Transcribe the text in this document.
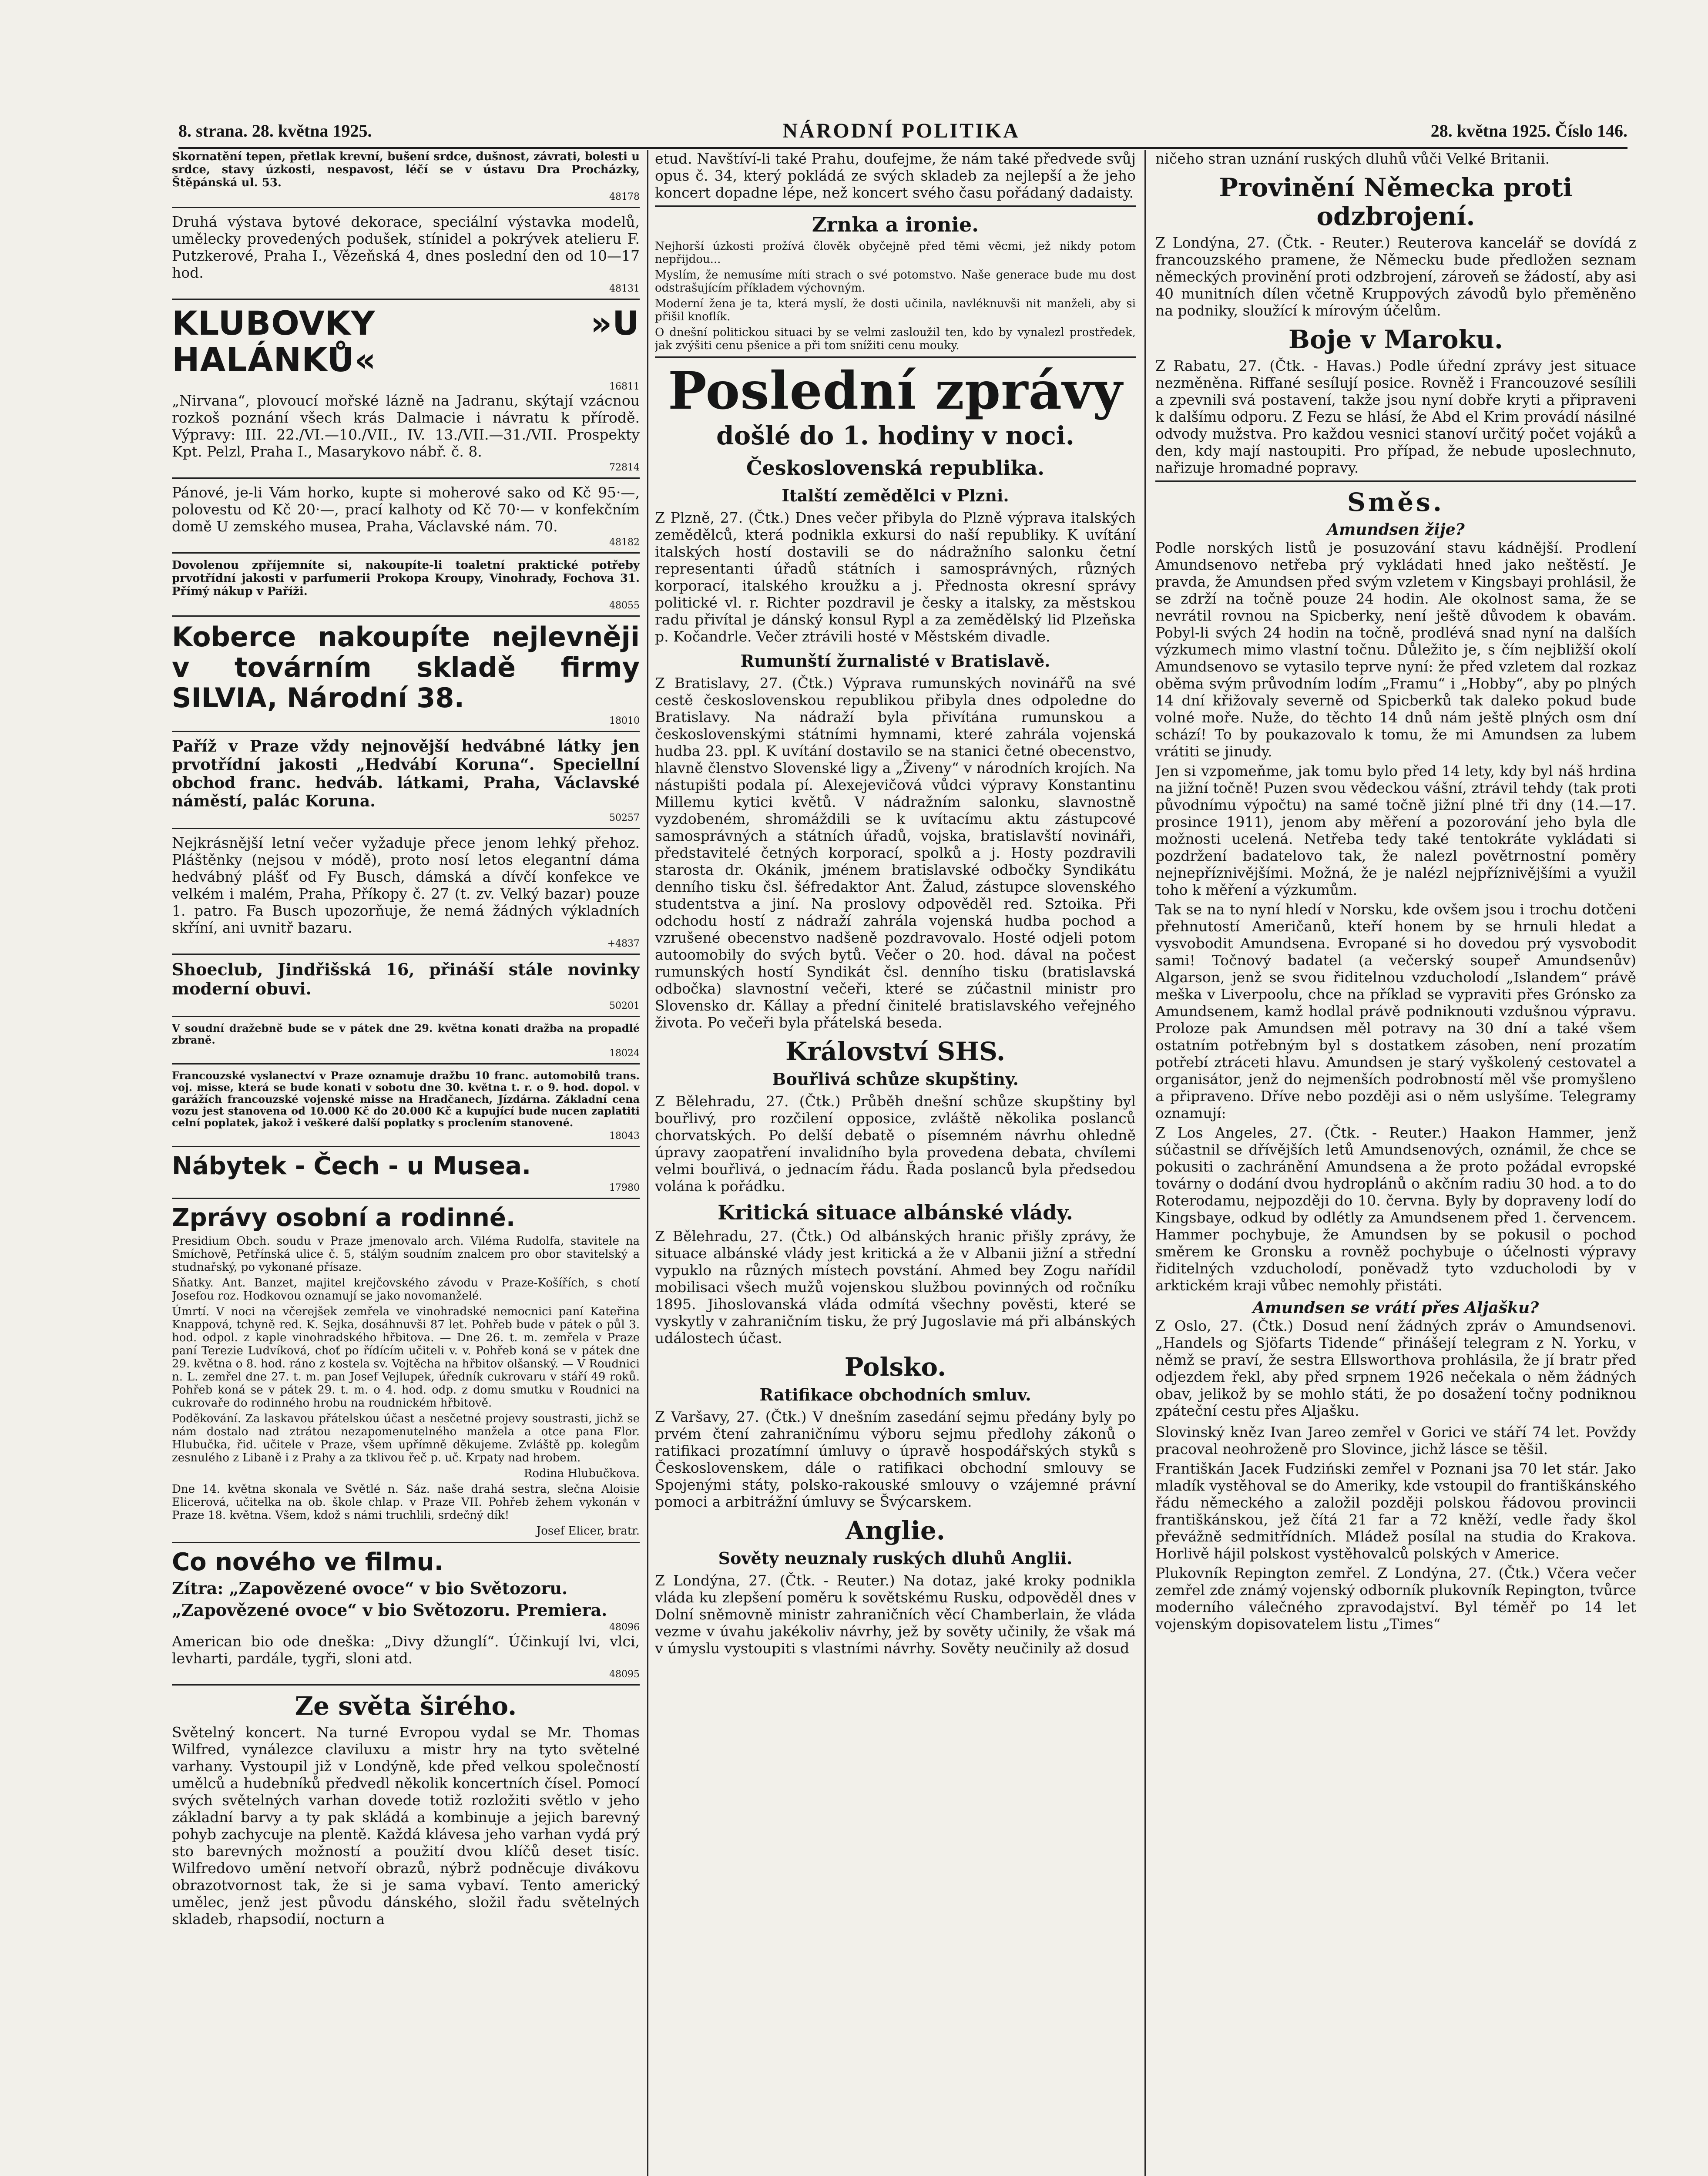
8. strana. 28. května 1925.	NÁRODNÍ POLITIKA	28. května 1925. Číslo 146.

Skornatění tepen, přetlak krevní, bušení srdce, dušnost, závrati, bolesti u srdce, stavy úzkosti, nespavost, léčí se v ústavu Dra Procházky, Štěpánská ul. 53.

48178

Druhá výstava bytové dekorace, speciální výstavka modelů, umělecky provedených podušek, stínidel a pokrývek atelieru F. Putzkerové, Praha I., Vězeňská 4, dnes poslední den od 10—17 hod.

48131
KLUBOVKY »U HALÁNKŮ«
16811

„Nirvana“, plovoucí mořské lázně na Jadranu, skýtají vzácnou rozkoš poznání všech krás Dalmacie i návratu k přírodě. Výpravy: III. 22./VI.—10./VII., IV. 13./VII.—31./VII. Prospekty Kpt. Pelzl, Praha I., Masarykovo nábř. č. 8.

72814

Pánové, je-li Vám horko, kupte si moherové sako od Kč 95·—, polovestu od Kč 20·—, prací kalhoty od Kč 70·— v konfekčním domě U zemského musea, Praha, Václavské nám. 70.

48182

Dovolenou zpříjemníte si, nakoupíte-li toaletní praktické potřeby prvotřídní jakosti v parfumerii Prokopa Kroupy, Vinohrady, Fochova 31. Přímý nákup v Paříži.

48055
Koberce nakoupíte nejlevněji v továrním skladě firmy SILVIA, Národní 38.
18010

Paříž v Praze vždy nejnovější hedvábné látky jen prvotřídní jakosti „Hedvábí Koruna“. Speciellní obchod franc. hedváb. látkami, Praha, Václavské náměstí, palác Koruna.

50257

Nejkrásnější letní večer vyžaduje přece jenom lehký přehoz. Pláštěnky (nejsou v módě), proto nosí letos elegantní dáma hedvábný plášť od Fy Busch, dámská a dívčí konfekce ve velkém i malém, Praha, Příkopy č. 27 (t. zv. Velký bazar) pouze 1. patro. Fa Busch upozorňuje, že nemá žádných výkladních skříní, ani uvnitř bazaru.

+4837

Shoeclub, Jindřišská 16, přináší stále novinky moderní obuvi.

50201

V soudní dražebně bude se v pátek dne 29. května konati dražba na propadlé zbraně.

18024

Francouzské vyslanectví v Praze oznamuje dražbu 10 franc. automobilů trans. voj. misse, která se bude konati v sobotu dne 30. května t. r. o 9. hod. dopol. v garážích francouzské vojenské misse na Hradčanech, Jízdárna. Základní cena vozu jest stanovena od 10.000 Kč do 20.000 Kč a kupující bude nucen zaplatiti celní poplatek, jakož i veškeré další poplatky s proclením stanovené.

18043
Nábytek - Čech - u Musea.
17980
Zprávy osobní a rodinné.

Presidium Obch. soudu v Praze jmenovalo arch. Viléma Rudolfa, stavitele na Smíchově, Petřínská ulice č. 5, stálým soudním znalcem pro obor stavitelský a studnařský, po vykonané přísaze.

Sňatky. Ant. Banzet, majitel krejčovského závodu v Praze-Košířích, s chotí Josefou roz. Hodkovou oznamují se jako novomanželé.

Úmrtí. V noci na včerejšek zemřela ve vinohradské nemocnici paní Kateřina Knappová, tchyně red. K. Sejka, dosáhnuvši 87 let. Pohřeb bude v pátek o půl 3. hod. odpol. z kaple vinohradského hřbitova. — Dne 26. t. m. zemřela v Praze paní Terezie Ludvíková, choť po řídícím učiteli v. v. Pohřeb koná se v pátek dne 29. května o 8. hod. ráno z kostela sv. Vojtěcha na hřbitov olšanský. — V Roudnici n. L. zemřel dne 27. t. m. pan Josef Vejlupek, úředník cukrovaru v stáří 49 roků. Pohřeb koná se v pátek 29. t. m. o 4. hod. odp. z domu smutku v Roudnici na cukrovaře do rodinného hrobu na roudnickém hřbitově.

Poděkování. Za laskavou přátelskou účast a nesčetné projevy soustrasti, jichž se nám dostalo nad ztrátou nezapomenutelného manžela a otce pana Flor. Hlubučka, řid. učitele v Praze, všem upřímně děkujeme. Zvláště pp. kolegům zesnulého z Libaně i z Prahy a za tklivou řeč p. uč. Krpaty nad hrobem.

Rodina Hlubučkova.

Dne 14. května skonala ve Světlé n. Sáz. naše drahá sestra, slečna Aloisie Elicerová, učitelka na ob. škole chlap. v Praze VII. Pohřeb žehem vykonán v Praze 18. května. Všem, kdož s námi truchlili, srdečný dík!

Josef Elicer, bratr.

Co nového ve filmu.

Zítra: „Zapovězené ovoce“ v bio Světozoru.

„Zapovězené ovoce“ v bio Světozoru. Premiera.

48096

American bio ode dneška: „Divy džunglí“. Účinkují lvi, vlci, levharti, pardále, tygři, sloni atd.

48095
Ze světa širého.

Světelný koncert. Na turné Evropou vydal se Mr. Thomas Wilfred, vynálezce claviluxu a mistr hry na tyto světelné varhany. Vystoupil již v Londýně, kde před velkou společností umělců a hudebníků předvedl několik koncertních čísel. Pomocí svých světelných varhan dovede totiž rozložiti světlo v jeho základní barvy a ty pak skládá a kombinuje a jejich barevný pohyb zachycuje na plentě. Každá klávesa jeho varhan vydá prý sto barevných možností a použití dvou klíčů deset tisíc. Wilfredovo umění netvoří obrazů, nýbrž podněcuje divákovu obrazotvornost tak, že si je sama vybaví. Tento americký umělec, jenž jest původu dánského, složil řadu světelných skladeb, rhapsodií, nocturn a

etud. Navštíví-li také Prahu, doufejme, že nám také předvede svůj opus č. 34, který pokládá ze svých skladeb za nejlepší a že jeho koncert dopadne lépe, než koncert svého času pořádaný dadaisty.

Zrnka a ironie.

Nejhorší úzkosti prožívá člověk obyčejně před těmi věcmi, jež nikdy potom nepřijdou...

Myslím, že nemusíme míti strach o své potomstvo. Naše generace bude mu dost odstrašujícím příkladem výchovným.

Moderní žena je ta, která myslí, že dosti učinila, navléknuvši nit manželi, aby si přišil knoflík.

O dnešní politickou situaci by se velmi zasloužil ten, kdo by vynalezl prostředek, jak zvýšiti cenu pšenice a při tom snížiti cenu mouky.

Poslední zprávy
došlé do 1. hodiny v noci.
Československá republika.
Italští zemědělci v Plzni.

Z Plzně, 27. (Čtk.) Dnes večer přibyla do Plzně výprava italských zemědělců, která podnikla exkursi do naší republiky. K uvítání italských hostí dostavili se do nádražního salonku četní representanti úřadů státních i samosprávných, různých korporací, italského kroužku a j. Přednosta okresní správy politické vl. r. Richter pozdravil je česky a italsky, za městskou radu přivítal je dánský konsul Rypl a za zemědělský lid Plzeňska p. Kočandrle. Večer ztrávili hosté v Městském divadle.

Rumunští žurnalisté v Bratislavě.

Z Bratislavy, 27. (Čtk.) Výprava rumunských novinářů na své cestě československou republikou přibyla dnes odpoledne do Bratislavy. Na nádraží byla přivítána rumunskou a československými státními hymnami, které zahrála vojenská hudba 23. ppl. K uvítání dostavilo se na stanici četné obecenstvo, hlavně členstvo Slovenské ligy a „Živeny“ v národních krojích. Na nástupišti podala pí. Alexejevičová vůdci výpravy Konstantinu Millemu kytici květů. V nádražním salonku, slavnostně vyzdobeném, shromáždili se k uvítacímu aktu zástupcové samosprávných a státních úřadů, vojska, bratislavští novináři, představitelé četných korporací, spolků a j. Hosty pozdravili starosta dr. Okánik, jménem bratislavské odbočky Syndikátu denního tisku čsl. šéfredaktor Ant. Žalud, zástupce slovenského studentstva a jiní. Na proslovy odpověděl red. Sztoika. Při odchodu hostí z nádraží zahrála vojenská hudba pochod a vzrušené obecenstvo nadšeně pozdravovalo. Hosté odjeli potom autoomobily do svých bytů. Večer o 20. hod. dával na počest rumunských hostí Syndikát čsl. denního tisku (bratislavská odbočka) slavnostní večeři, které se zúčastnil ministr pro Slovensko dr. Kállay a přední činitelé bratislavského veřejného života. Po večeři byla přátelská beseda.

Království SHS.
Bouřlivá schůze skupštiny.

Z Bělehradu, 27. (Čtk.) Průběh dnešní schůze skupštiny byl bouřlivý, pro rozčilení opposice, zvláště několika poslanců chorvatských. Po delší debatě o písemném návrhu ohledně úpravy zaopatření invalidního byla provedena debata, chvílemi velmi bouřlivá, o jednacím řádu. Řada poslanců byla předsedou volána k pořádku.

Kritická situace albánské vlády.

Z Bělehradu, 27. (Čtk.) Od albánských hranic přišly zprávy, že situace albánské vlády jest kritická a že v Albanii jižní a střední vypuklo na různých místech povstání. Ahmed bey Zogu nařídil mobilisaci všech mužů vojenskou službou povinných od ročníku 1895. Jihoslovanská vláda odmítá všechny pověsti, které se vyskytly v zahraničním tisku, že prý Jugoslavie má při albánských událostech účast.

Polsko.
Ratifikace obchodních smluv.

Z Varšavy, 27. (Čtk.) V dnešním zasedání sejmu předány byly po prvém čtení zahraničnímu výboru sejmu předlohy zákonů o ratifikaci prozatímní úmluvy o úpravě hospodářských styků s Československem, dále o ratifikaci obchodní smlouvy se Spojenými státy, polsko-rakouské smlouvy o vzájemné právní pomoci a arbitrážní úmluvy se Švýcarskem.

Anglie.
Sověty neuznaly ruských dluhů Anglii.

Z Londýna, 27. (Čtk. - Reuter.) Na dotaz, jaké kroky podnikla vláda ku zlepšení poměru k sovětskému Rusku, odpověděl dnes v Dolní sněmovně ministr zahraničních věcí Chamberlain, že vláda vezme v úvahu jakékoliv návrhy, jež by sověty učinily, že však má v úmyslu vystoupiti s vlastními návrhy. Sověty neučinily až dosud

ničeho stran uznání ruských dluhů vůči Velké Britanii.

Provinění Německa proti odzbrojení.

Z Londýna, 27. (Čtk. - Reuter.) Reuterova kancelář se dovídá z francouzského pramene, že Německu bude předložen seznam německých provinění proti odzbrojení, zároveň se žádostí, aby asi 40 munitních dílen včetně Kruppových závodů bylo přeměněno na podniky, sloužící k mírovým účelům.

Boje v Maroku.

Z Rabatu, 27. (Čtk. - Havas.) Podle úřední zprávy jest situace nezměněna. Riffané sesílují posice. Rovněž i Francouzové sesílili a zpevnili svá postavení, takže jsou nyní dobře kryti a připraveni k dalšímu odporu. Z Fezu se hlásí, že Abd el Krim provádí násilné odvody mužstva. Pro každou vesnici stanoví určitý počet vojáků a den, kdy mají nastoupiti. Pro případ, že nebude uposlechnuto, nařizuje hromadné popravy.

Směs.
Amundsen žije?

Podle norských listů je posuzování stavu kádnější. Prodlení Amundsenovo netřeba prý vykládati hned jako neštěstí. Je pravda, že Amundsen před svým vzletem v Kingsbayi prohlásil, že se zdrží na točně pouze 24 hodin. Ale okolnost sama, že se nevrátil rovnou na Spicberky, není ještě důvodem k obavám. Pobyl-li svých 24 hodin na točně, prodlévá snad nyní na dalších výzkumech mimo vlastní točnu. Důležito je, s čím nejbližší okolí Amundsenovo se vytasilo teprve nyní: že před vzletem dal rozkaz oběma svým průvodním lodím „Framu“ i „Hobby“, aby po plných 14 dní křižovaly severně od Spicberků tak daleko pokud bude volné moře. Nuže, do těchto 14 dnů nám ještě plných osm dní schází! To by poukazovalo k tomu, že mi Amundsen za lubem vrátiti se jinudy.

Jen si vzpomeňme, jak tomu bylo před 14 lety, kdy byl náš hrdina na jižní točně! Puzen svou vědeckou vášní, ztrávil tehdy (tak proti původnímu výpočtu) na samé točně jižní plné tři dny (14.—17. prosince 1911), jenom aby měření a pozorování jeho byla dle možnosti ucelená. Netřeba tedy také tentokráte vykládati si pozdržení badatelovo tak, že nalezl povětrnostní poměry nejnepříznivějšími. Možná, že je nalézl nejpříznivějšími a využil toho k měření a výzkumům.

Tak se na to nyní hledí v Norsku, kde ovšem jsou i trochu dotčeni přehnutostí Američanů, kteří honem by se hrnuli hledat a vysvobodit Amundsena. Evropané si ho dovedou prý vysvobodit sami! Točnový badatel (a večerský soupeř Amundsenův) Algarson, jenž se svou řiditelnou vzducholodí „Islandem“ právě meška v Liverpoolu, chce na příklad se vypraviti přes Grónsko za Amundsenem, kamž hodlal právě podniknouti vzdušnou výpravu. Proloze pak Amundsen měl potravy na 30 dní a také všem ostatním potřebným byl s dostatkem zásoben, není prozatím potřebí ztráceti hlavu. Amundsen je starý vyškolený cestovatel a organisátor, jenž do nejmenších podrobností měl vše promyšleno a připraveno. Dříve nebo později asi o něm uslyšíme. Telegramy oznamují:

Z Los Angeles, 27. (Čtk. - Reuter.) Haakon Hammer, jenž súčastnil se dřívějších letů Amundsenových, oznámil, že chce se pokusiti o zachránění Amundsena a že proto požádal evropské továrny o dodání dvou hydroplánů o akčním radiu 30 hod. a to do Roterodamu, nejpozději do 10. června. Byly by dopraveny lodí do Kingsbaye, odkud by odlétly za Amundsenem před 1. červencem. Hammer pochybuje, že Amundsen by se pokusil o pochod směrem ke Gronsku a rovněž pochybuje o účelnosti výpravy řiditelných vzducholodí, poněvadž tyto vzducholodi by v arktickém kraji vůbec nemohly přistáti.

Amundsen se vrátí přes Aljašku?

Z Oslo, 27. (Čtk.) Dosud není žádných zpráv o Amundsenovi. „Handels og Sjöfarts Tidende“ přinášejí telegram z N. Yorku, v němž se praví, že sestra Ellsworthova prohlásila, že jí bratr před odjezdem řekl, aby před srpnem 1926 nečekala o něm žádných obav, jelikož by se mohlo státi, že po dosažení točny podniknou zpáteční cestu přes Aljašku.

Slovinský kněz Ivan Jareo zemřel v Gorici ve stáří 74 let. Povždy pracoval neohroženě pro Slovince, jichž lásce se těšil.

Františkán Jacek Fudziński zemřel v Poznani jsa 70 let stár. Jako mladík vystěhoval se do Ameriky, kde vstoupil do františkánského řádu německého a založil později polskou řádovou provincii františkánskou, jež čítá 21 far a 72 kněží, vedle řady škol převážně sedmitřídních. Mládež posílal na studia do Krakova. Horlivě hájil polskost vystěhovalců polských v Americe.

Plukovník Repington zemřel. Z Londýna, 27. (Čtk.) Včera večer zemřel zde známý vojenský odborník plukovník Repington, tvůrce moderního válečného zpravodajství. Byl téměř po 14 let vojenským dopisovatelem listu „Times“
